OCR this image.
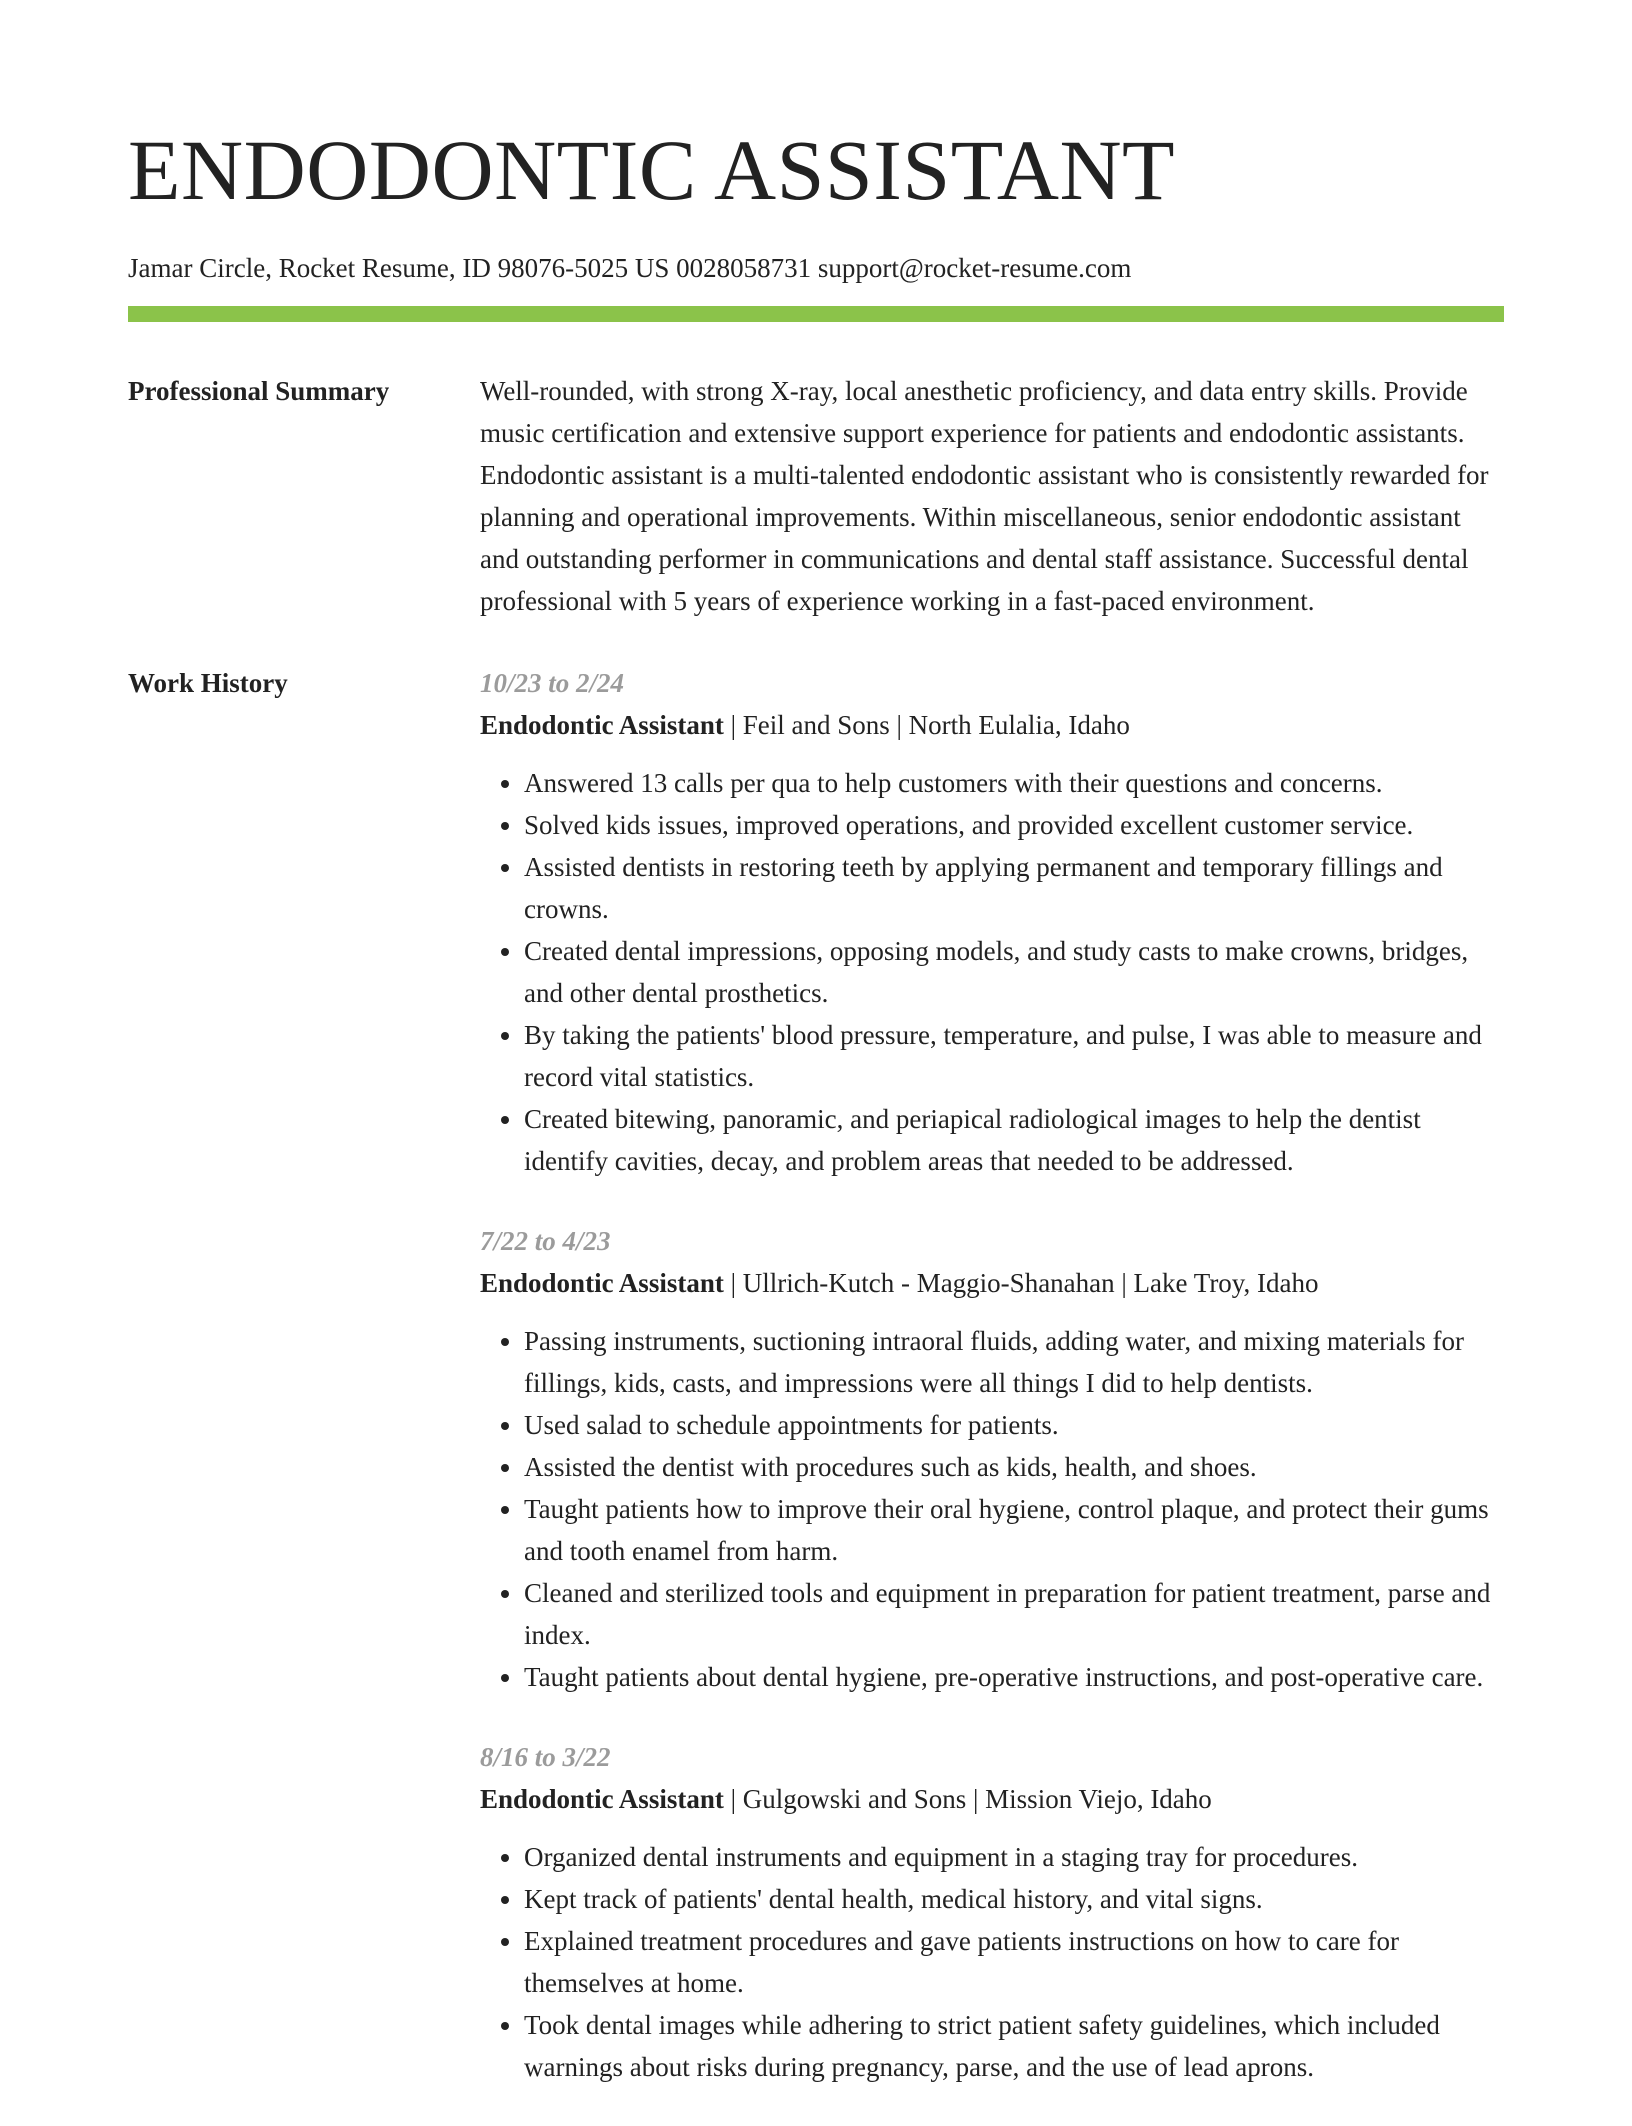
ENDODONTIC ASSISTANT
Jamar Circle, Rocket Resume, ID 98076-5025 US 0028058731 support@rocket-resume.com
Professional Summary	Well-rounded, with strong X-ray, local anesthetic proficiency, and data entry skills. Provide music certification and extensive support experience for patients and endodontic assistants. Endodontic assistant is a multi-talented endodontic assistant who is consistently rewarded for planning and operational improvements. Within miscellaneous, senior endodontic assistant and outstanding performer in communications and dental staff assistance. Successful dental professional with 5 years of experience working in a fast-paced environment.

Work History	10/23 to 2/24
Endodontic Assistant | Feil and Sons | North Eulalia, Idaho
• Answered 13 calls per qua to help customers with their questions and concerns.
• Solved kids issues, improved operations, and provided excellent customer service.
• Assisted dentists in restoring teeth by applying permanent and temporary fillings and crowns.
• Created dental impressions, opposing models, and study casts to make crowns, bridges, and other dental prosthetics.
• By taking the patients' blood pressure, temperature, and pulse, I was able to measure and record vital statistics.
• Created bitewing, panoramic, and periapical radiological images to help the dentist identify cavities, decay, and problem areas that needed to be addressed.
7/22 to 4/23
Endodontic Assistant | Ullrich-Kutch - Maggio-Shanahan | Lake Troy, Idaho
• Passing instruments, suctioning intraoral fluids, adding water, and mixing materials for fillings, kids, casts, and impressions were all things I did to help dentists.
• Used salad to schedule appointments for patients.
• Assisted the dentist with procedures such as kids, health, and shoes.
• Taught patients how to improve their oral hygiene, control plaque, and protect their gums and tooth enamel from harm.
• Cleaned and sterilized tools and equipment in preparation for patient treatment, parse and index.
• Taught patients about dental hygiene, pre-operative instructions, and post-operative care.
8/16 to 3/22
Endodontic Assistant | Gulgowski and Sons | Mission Viejo, Idaho
• Organized dental instruments and equipment in a staging tray for procedures.
• Kept track of patients' dental health, medical history, and vital signs.
• Explained treatment procedures and gave patients instructions on how to care for themselves at home.
• Took dental images while adhering to strict patient safety guidelines, which included warnings about risks during pregnancy, parse, and the use of lead aprons.
